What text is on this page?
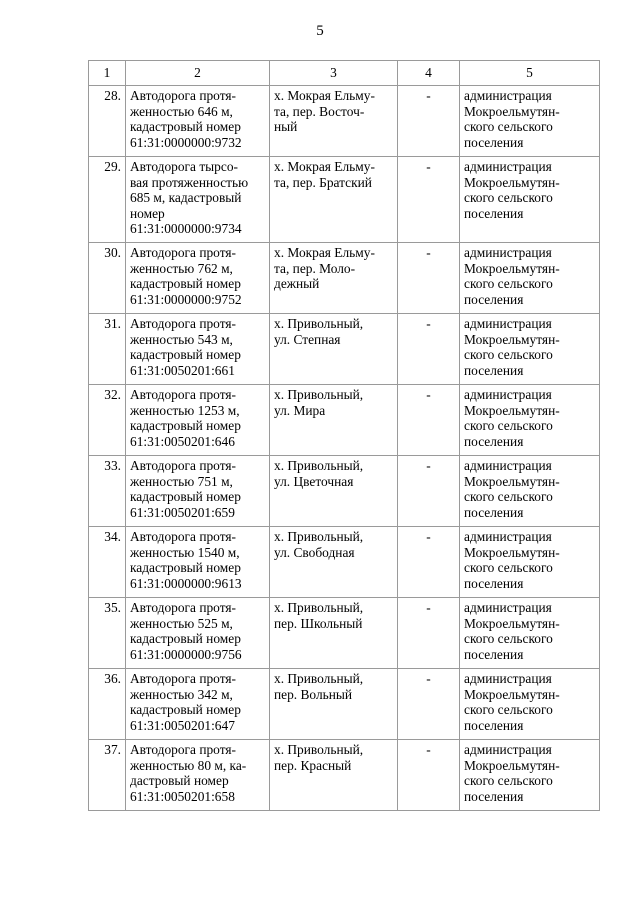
5
1	2	3	4	5
28.	Автодорога протя-
женностью 646 м,
кадастровый номер
61:31:0000000:9732	х. Мокрая Ельму-
та, пер. Восточ-
ный	-	администрация
Мокроельмутян-
ского сельского
поселения

29.	Автодорога тырсо-
вая протяженностью
685 м, кадастровый
номер
61:31:0000000:9734	х. Мокрая Ельму-
та, пер. Братский	-	администрация
Мокроельмутян-
ского сельского
поселения

30.	Автодорога протя-
женностью 762 м,
кадастровый номер
61:31:0000000:9752	х. Мокрая Ельму-
та, пер. Моло-
дежный	-	администрация
Мокроельмутян-
ского сельского
поселения

31.	Автодорога протя-
женностью 543 м,
кадастровый номер
61:31:0050201:661	х. Привольный,
ул. Степная	-	администрация
Мокроельмутян-
ского сельского
поселения

32.	Автодорога протя-
женностью 1253 м,
кадастровый номер
61:31:0050201:646	х. Привольный,
ул. Мира	-	администрация
Мокроельмутян-
ского сельского
поселения

33.	Автодорога протя-
женностью 751 м,
кадастровый номер
61:31:0050201:659	х. Привольный,
ул. Цветочная	-	администрация
Мокроельмутян-
ского сельского
поселения

34.	Автодорога протя-
женностью 1540 м,
кадастровый номер
61:31:0000000:9613	х. Привольный,
ул. Свободная	-	администрация
Мокроельмутян-
ского сельского
поселения

35.	Автодорога протя-
женностью 525 м,
кадастровый номер
61:31:0000000:9756	х. Привольный,
пер. Школьный	-	администрация
Мокроельмутян-
ского сельского
поселения

36.	Автодорога протя-
женностью 342 м,
кадастровый номер
61:31:0050201:647	х. Привольный,
пер. Вольный	-	администрация
Мокроельмутян-
ского сельского
поселения

37.	Автодорога протя-
женностью 80 м, ка-
дастровый номер
61:31:0050201:658	х. Привольный,
пер. Красный	-	администрация
Мокроельмутян-
ского сельского
поселения
